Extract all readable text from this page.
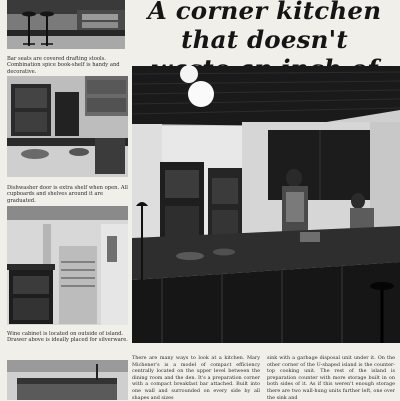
A corner kitchen that doesn't

Bar seats are covered drafting stools. Combination spice book-shelf is handy and decorative.

Dishwasher door is extra shelf when open. All cupboards and shelves around it are graduated.

Wine cabinet is located on outside of island. Drawer above is ideally placed for silverware.

There are many ways to look at a kitchen. Mary Michener's is a model of compact efficiency centrally located on the upper level between the dining room and the den. It's a preparation corner with a compact breakfast bar attached. Built into one wall and surrounded on every side by all shapes and sizes

sink with a garbage disposal unit under it. On the other corner of the U-shaped island is the counter-top cooking unit. The rest of the island is preparation counter with more storage built in on both sides of it. As if this weren't enough storage there are two wall-hung units further left, one over the sink and
